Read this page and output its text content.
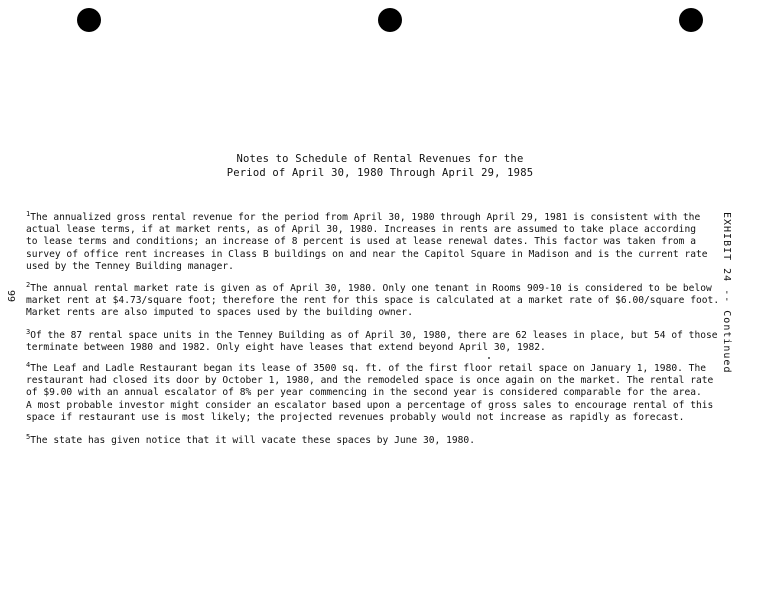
Notes to Schedule of Rental Revenues for the
Period of April 30, 1980 Through April 29, 1985
EXHIBIT 24 -- Continued
99

$^1$The annualized gross rental revenue for the period from April 30, 1980 through April 29, 1981 is consistent with the

actual lease terms, if at market rents, as of April 30, 1980. Increases in rents are assumed to take place according

to lease terms and conditions; an increase of 8 percent is used at lease renewal dates. This factor was taken from a

survey of office rent increases in Class B buildings on and near the Capitol Square in Madison and is the current rate

used by the Tenney Building manager.

$^2$The annual rental market rate is given as of April 30, 1980. Only one tenant in Rooms 909-10 is considered to be below

market rent at $4.73/square foot; therefore the rent for this space is calculated at a market rate of $6.00/square foot.

Market rents are also imputed to spaces used by the building owner.

$^3$Of the 87 rental space units in the Tenney Building as of April 30, 1980, there are 62 leases in place, but 54 of those

terminate between 1980 and 1982. Only eight have leases that extend beyond April 30, 1982.

$^4$The Leaf and Ladle Restaurant began its lease of 3500 sq. ft. of the first floor retail space on January 1, 1980. The

restaurant had closed its door by October 1, 1980, and the remodeled space is once again on the market. The rental rate

of $9.00 with an annual escalator of 8% per year commencing in the second year is considered comparable for the area.

A most probable investor might consider an escalator based upon a percentage of gross sales to encourage rental of this

space if restaurant use is most likely; the projected revenues probably would not increase as rapidly as forecast.

$^5$The state has given notice that it will vacate these spaces by June 30, 1980.
